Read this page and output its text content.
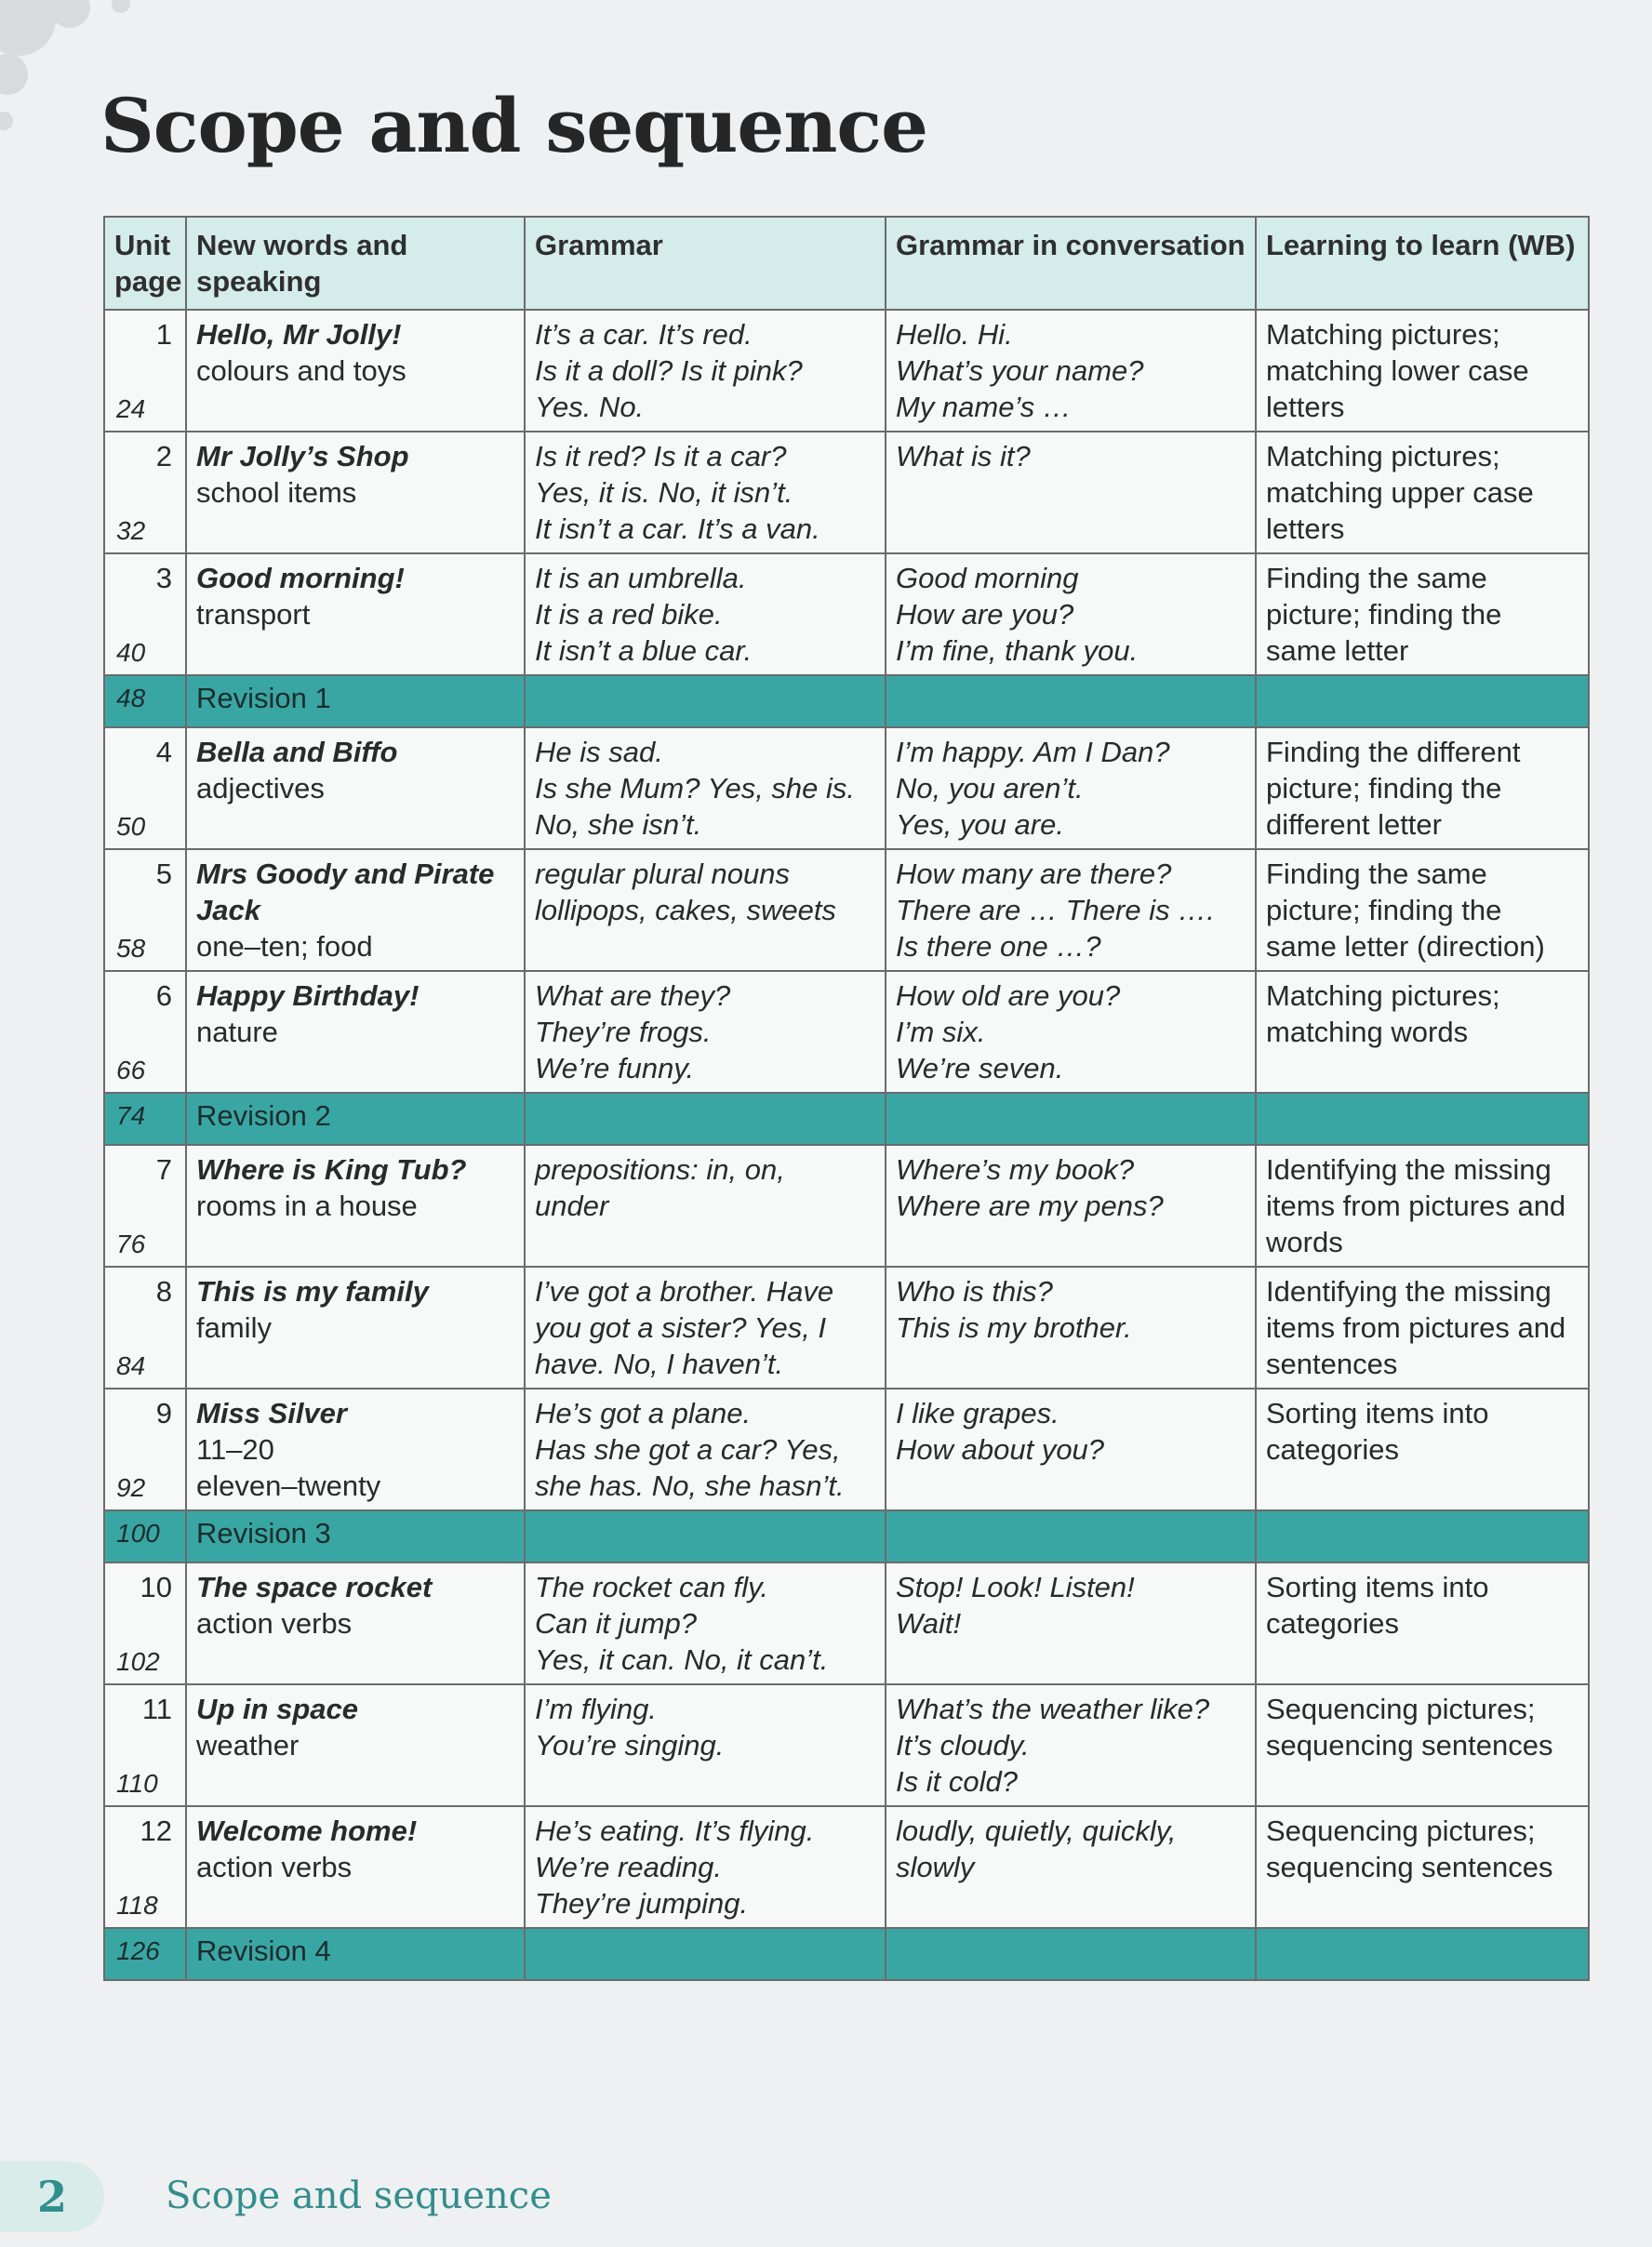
Scope and sequence
Unit
page	New words and
speaking	Grammar	Grammar in conversation	Learning to learn (WB)

1
24	Hello, Mr Jolly!
colours and toys	It’s a car. It’s red.
Is it a doll? Is it pink?
Yes. No.	Hello. Hi.
What’s your name?
My name’s …	Matching pictures;
matching lower case
letters

2
32	Mr Jolly’s Shop
school items	Is it red? Is it a car?
Yes, it is. No, it isn’t.
It isn’t a car. It’s a van.	What is it?	Matching pictures;
matching upper case
letters

3
40	Good morning!
transport	It is an umbrella.
It is a red bike.
It isn’t a blue car.	Good morning
How are you?
I’m fine, thank you.	Finding the same
picture; finding the
same letter

48	Revision 1			

4
50	Bella and Biffo
adjectives	He is sad.
Is she Mum? Yes, she is.
No, she isn’t.	I’m happy. Am I Dan?
No, you aren’t.
Yes, you are.	Finding the different
picture; finding the
different letter

5
58	Mrs Goody and Pirate Jack
one–ten; food	regular plural nouns
lollipops, cakes, sweets	How many are there?
There are … There is ….
Is there one …?	Finding the same
picture; finding the
same letter (direction)

6
66	Happy Birthday!
nature	What are they?
They’re frogs.
We’re funny.	How old are you?
I’m six.
We’re seven.	Matching pictures;
matching words

74	Revision 2			

7
76	Where is King Tub?
rooms in a house	prepositions: in, on,
under	Where’s my book?
Where are my pens?	Identifying the missing
items from pictures and
words

8
84	This is my family
family	I’ve got a brother. Have
you got a sister? Yes, I
have. No, I haven’t.	Who is this?
This is my brother.	Identifying the missing
items from pictures and
sentences

9
92	Miss Silver
11–20
eleven–twenty	He’s got a plane.
Has she got a car? Yes,
she has. No, she hasn’t.	I like grapes.
How about you?	Sorting items into
categories

100	Revision 3			

10
102	The space rocket
action verbs	The rocket can fly.
Can it jump?
Yes, it can. No, it can’t.	Stop! Look! Listen!
Wait!	Sorting items into
categories

11
110	Up in space
weather	I’m flying.
You’re singing.	What’s the weather like?
It’s cloudy.
Is it cold?	Sequencing pictures;
sequencing sentences

12
118	Welcome home!
action verbs	He’s eating. It’s flying.
We’re reading.
They’re jumping.	loudly, quietly, quickly,
slowly	Sequencing pictures;
sequencing sentences

126	Revision 4			
2	Scope and sequence
